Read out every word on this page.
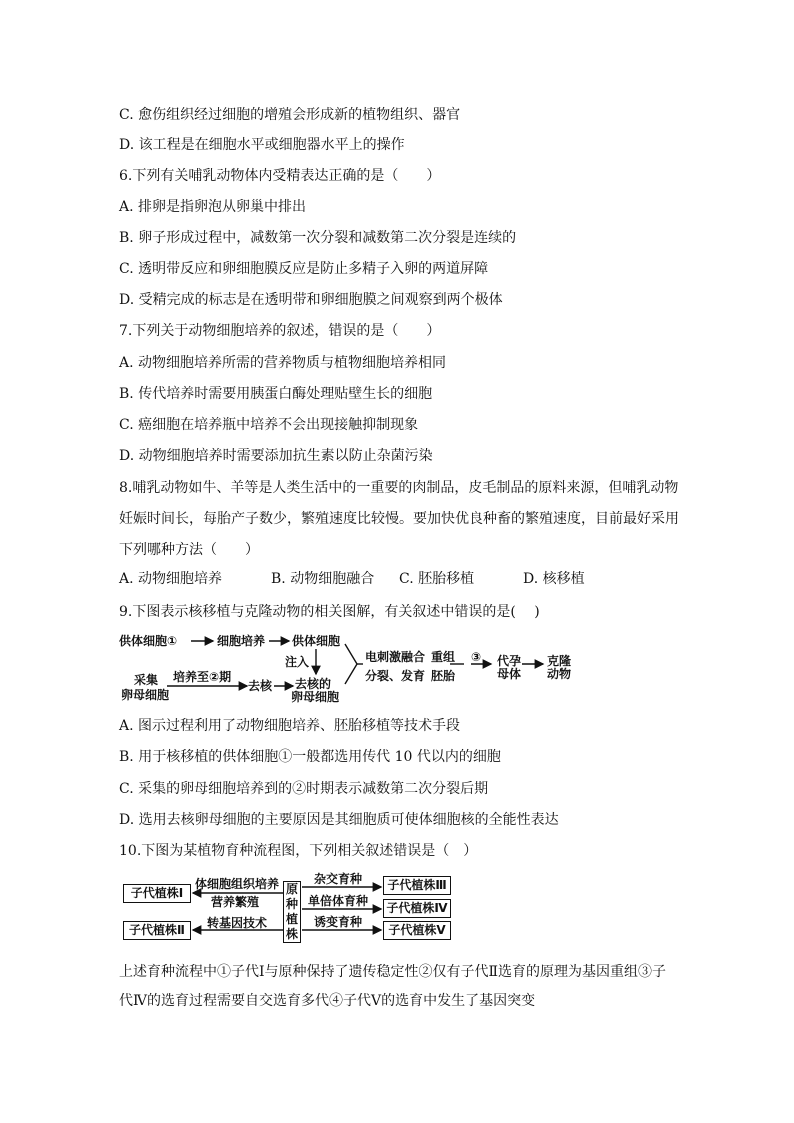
C. 愈伤组织经过细胞的增殖会形成新的植物组织、器官
D. 该工程是在细胞水平或细胞器水平上的操作
6.下列有关哺乳动物体内受精表达正确的是（　　）
A. 排卵是指卵泡从卵巢中排出
B. 卵子形成过程中，减数第一次分裂和减数第二次分裂是连续的
C. 透明带反应和卵细胞膜反应是防止多精子入卵的两道屏障
D. 受精完成的标志是在透明带和卵细胞膜之间观察到两个极体
7.下列关于动物细胞培养的叙述，错误的是（　　）
A. 动物细胞培养所需的营养物质与植物细胞培养相同
B. 传代培养时需要用胰蛋白酶处理贴壁生长的细胞
C. 癌细胞在培养瓶中培养不会出现接触抑制现象
D. 动物细胞培养时需要添加抗生素以防止杂菌污染
8.哺乳动物如牛、羊等是人类生活中的一重要的肉制品，皮毛制品的原料来源，但哺乳动物
妊娠时间长，每胎产子数少，繁殖速度比较慢。要加快优良种畜的繁殖速度，目前最好采用
下列哪种方法（　　）
A. 动物细胞培养	B. 动物细胞融合 C. 胚胎移植	D. 核移植
9.下图表示核移植与克隆动物的相关图解，有关叙述中错误的是(　 )
供体细胞①	细胞培养 供体细胞
注入
采集 培养至②期
卵母 细胞
去核 去核的
卵母细胞
电刺激融合
分裂、发育
重组
胚胎
③ 代孕
母体
克隆
动物
A. 图示过程利用了动物细胞培养、胚胎移植等技术手段
B. 用于核移植的供体细胞①一般都选用传代 10 代以内的细胞
C. 采集的卵母细胞培养到的②时期表示减数第二次分裂后期
D. 选用去核卵母细胞的主要原因是其细胞质可使体细胞核的全能性表达
10.下图为某植物育种流程图，下列相关叙述错误是（　）
子代植株Ⅰ
子代植株Ⅱ
原
种
植
株
子代植株Ⅲ
子代植株Ⅳ
子代植株Ⅴ
体细胞组织培养
营养繁殖
转基因技术
杂交育种
单倍体育种
诱变育种
上述育种流程中①子代Ⅰ与原种保持了遗传稳定性②仅有子代Ⅱ选育的原理为基因重组③子代Ⅳ的选育过程需要自交选育多代④子代Ⅴ的选育中发生了基因突变
